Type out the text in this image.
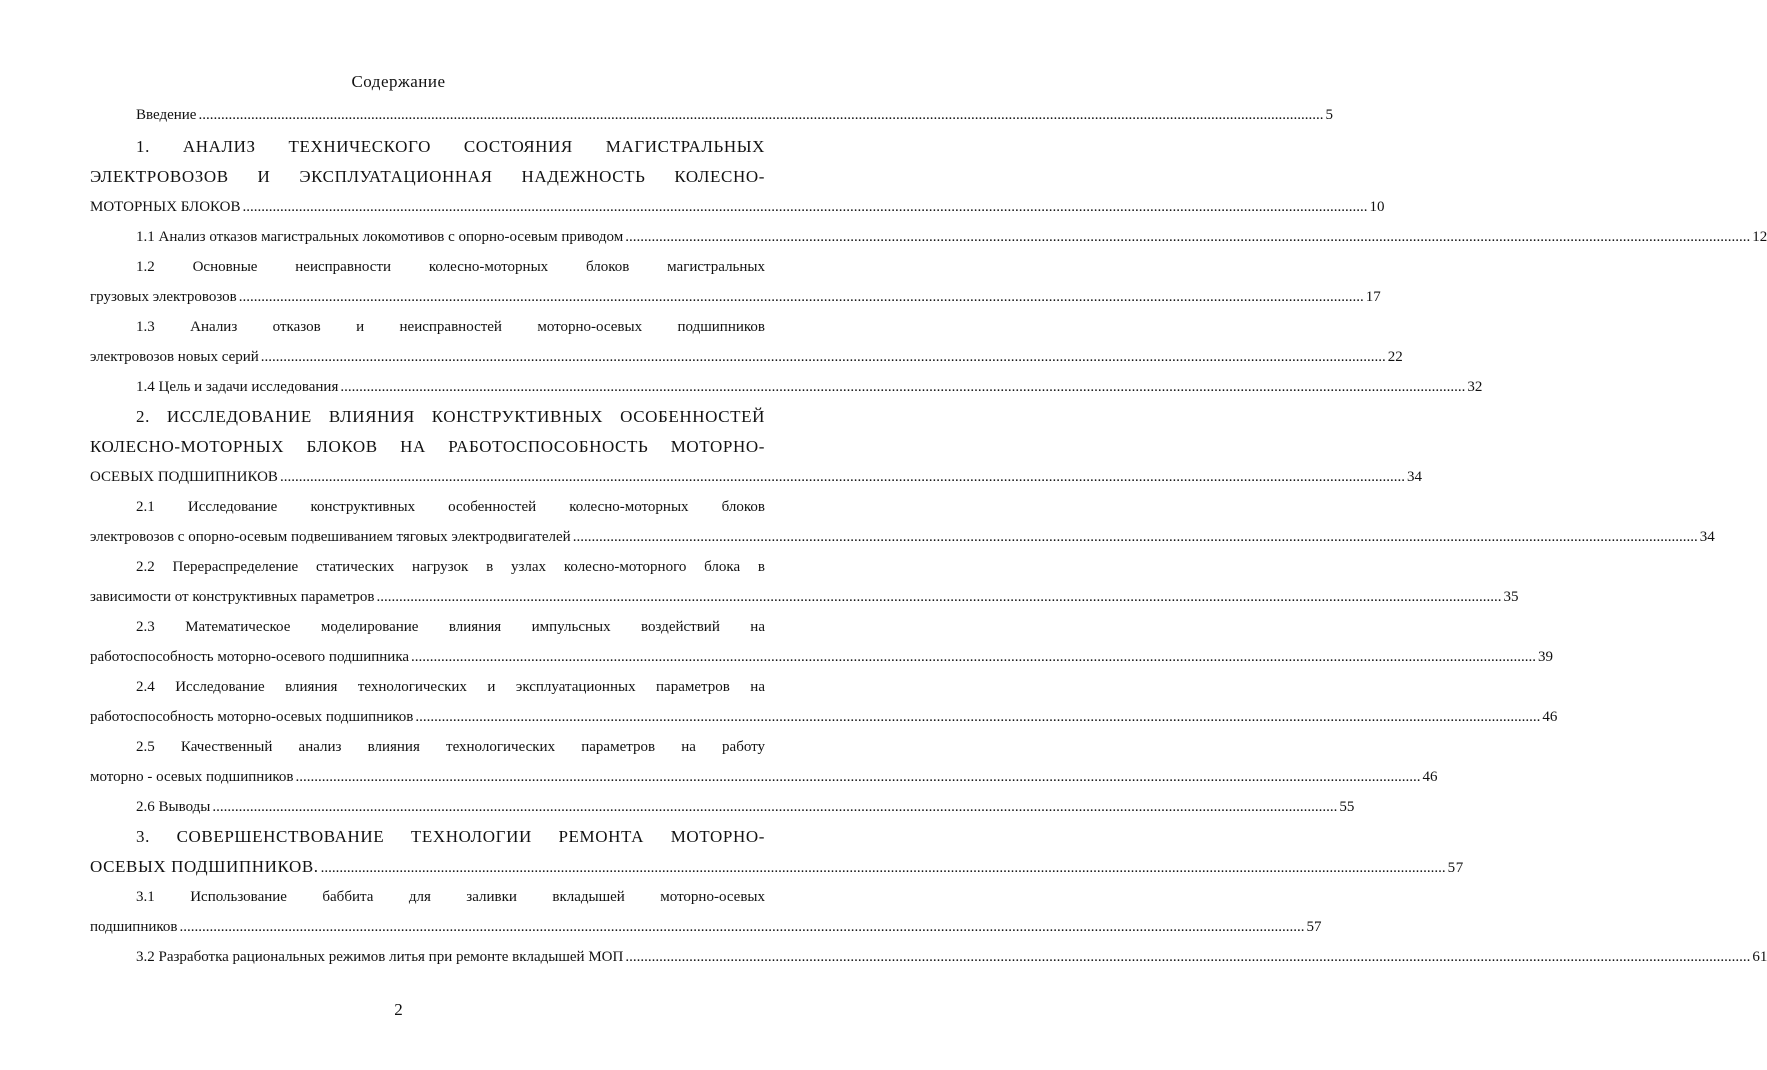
Содержание
Введение ............................................................................................................................................................................................................................................................................................................ 5
1. АНАЛИЗ ТЕХНИЧЕСКОГО СОСТОЯНИЯ МАГИСТРАЛЬНЫХ
ЭЛЕКТРОВОЗОВ И ЭКСПЛУАТАЦИОННАЯ НАДЕЖНОСТЬ КОЛЕСНО-
МОТОРНЫХ БЛОКОВ ............................................................................................................................................................................................................................................................................................................ 10
1.1 Анализ отказов магистральных локомотивов с опорно-осевым приводом ............................................................................................................................................................................................................................................................................................................ 12
1.2 Основные неисправности колесно-моторных блоков магистральных
грузовых электровозов ............................................................................................................................................................................................................................................................................................................ 17
1.3 Анализ отказов и неисправностей моторно-осевых подшипников
электровозов новых серий ............................................................................................................................................................................................................................................................................................................ 22
1.4 Цель и задачи исследования ............................................................................................................................................................................................................................................................................................................ 32
2. ИССЛЕДОВАНИЕ ВЛИЯНИЯ КОНСТРУКТИВНЫХ ОСОБЕННОСТЕЙ
КОЛЕСНО-МОТОРНЫХ БЛОКОВ НА РАБОТОСПОСОБНОСТЬ МОТОРНО-
ОСЕВЫХ ПОДШИПНИКОВ ............................................................................................................................................................................................................................................................................................................ 34
2.1 Исследование конструктивных особенностей колесно-моторных блоков
электровозов с опорно-осевым подвешиванием тяговых электродвигателей ............................................................................................................................................................................................................................................................................................................ 34
2.2 Перераспределение статических нагрузок в узлах колесно-моторного блока в
зависимости от конструктивных параметров ............................................................................................................................................................................................................................................................................................................ 35
2.3 Математическое моделирование влияния импульсных воздействий на
работоспособность моторно-осевого подшипника ............................................................................................................................................................................................................................................................................................................ 39
2.4 Исследование влияния технологических и эксплуатационных параметров на
работоспособность моторно-осевых подшипников ............................................................................................................................................................................................................................................................................................................ 46
2.5 Качественный анализ влияния технологических параметров на работу
моторно - осевых подшипников ............................................................................................................................................................................................................................................................................................................ 46
2.6 Выводы ............................................................................................................................................................................................................................................................................................................ 55
3. СОВЕРШЕНСТВОВАНИЕ ТЕХНОЛОГИИ РЕМОНТА МОТОРНО-
ОСЕВЫХ ПОДШИПНИКОВ. ............................................................................................................................................................................................................................................................................................................ 57
3.1 Использование баббита для заливки вкладышей моторно-осевых
подшипников ............................................................................................................................................................................................................................................................................................................ 57
3.2 Разработка рациональных режимов литья при ремонте вкладышей МОП ............................................................................................................................................................................................................................................................................................................ 61
2
